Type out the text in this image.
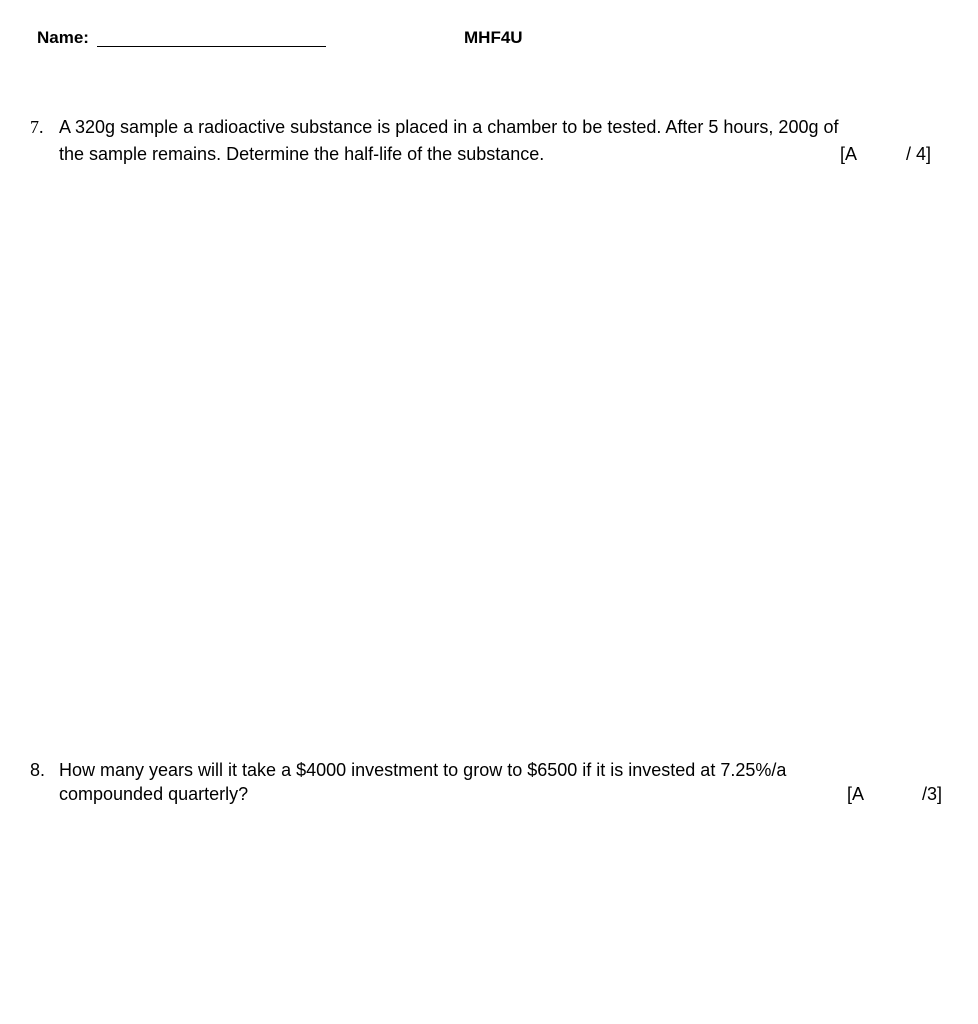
Name:	MHF4U
7. A 320g sample a radioactive substance is placed in a chamber to be tested. After 5 hours, 200g of
the sample remains. Determine the half-life of the substance.	[A	/ 4]
8. How many years will it take a $4000 investment to grow to $6500 if it is invested at 7.25%/a
compounded quarterly?	[A	/3]
